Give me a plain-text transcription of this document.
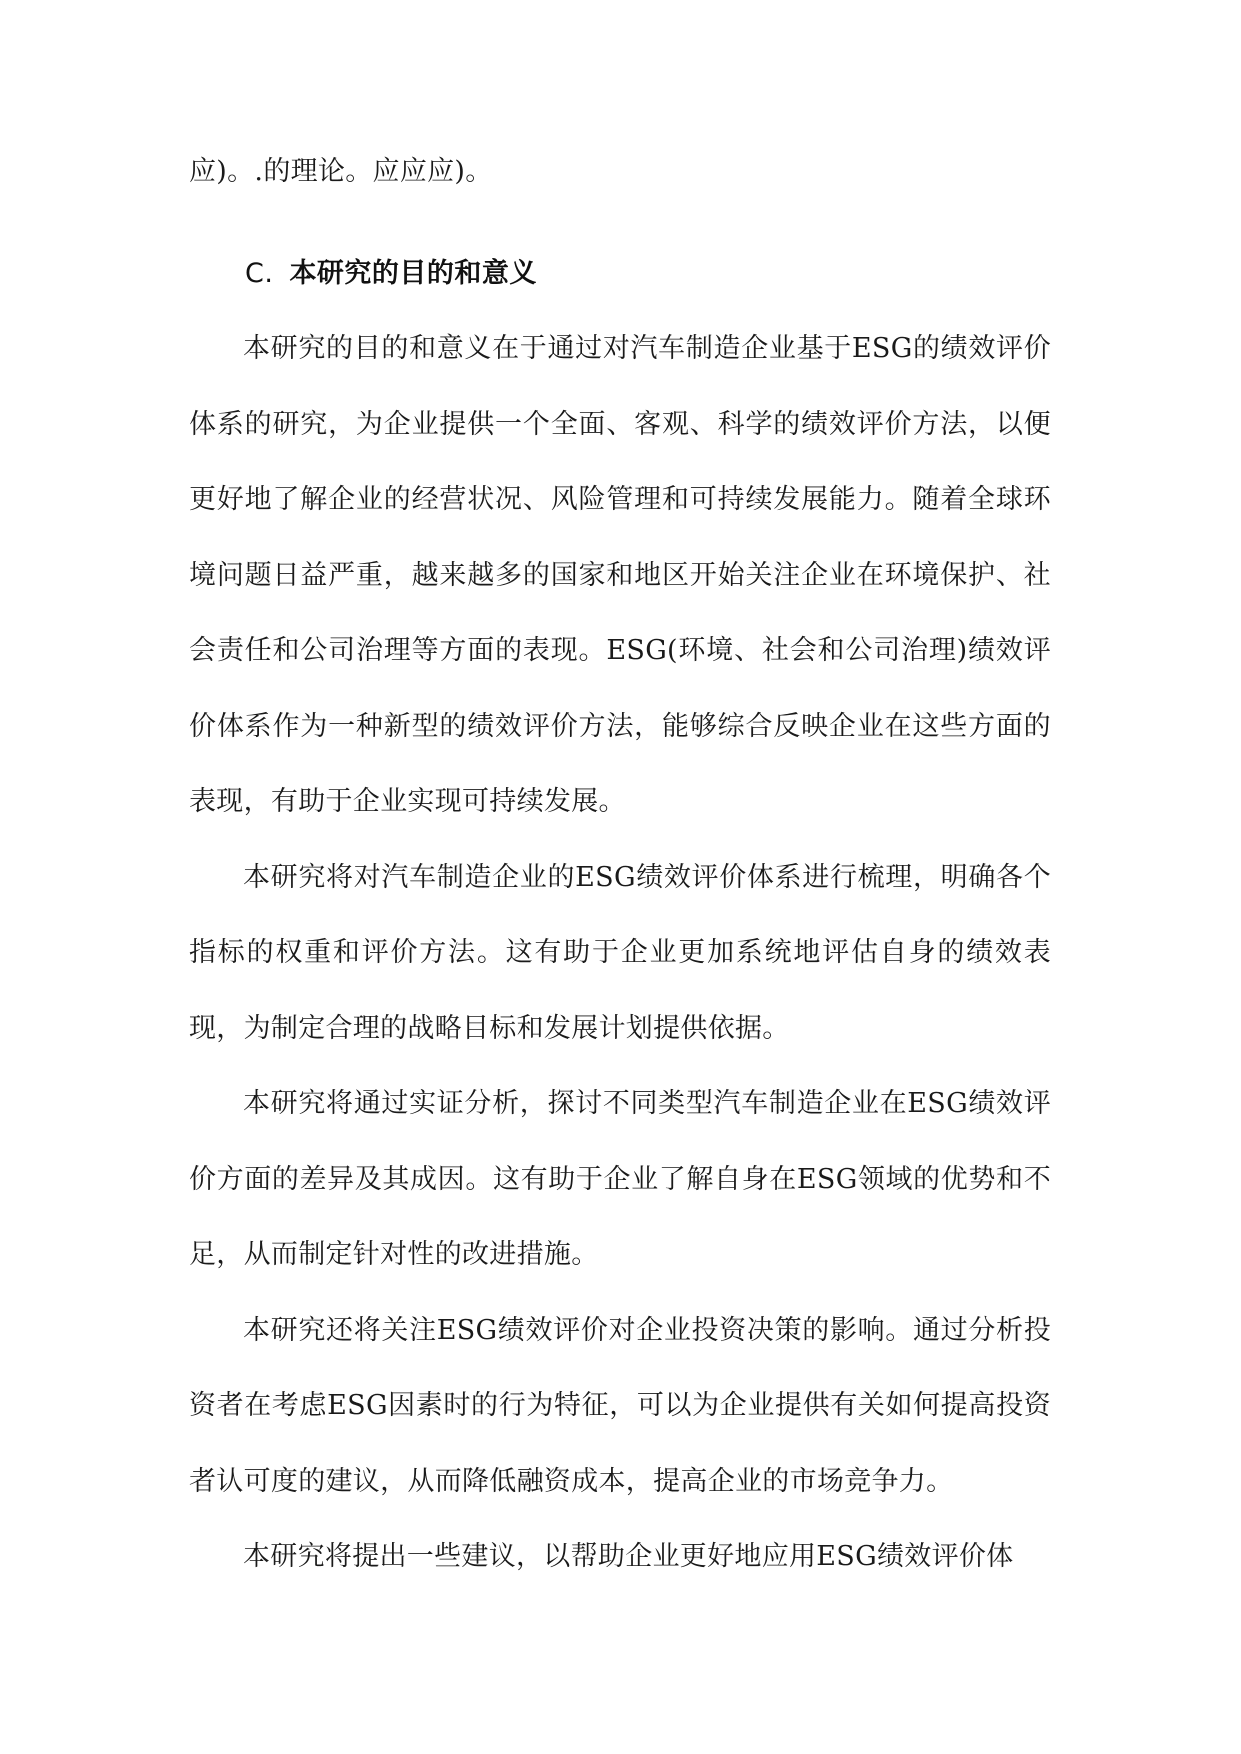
应)。.的理论。应应应)。
C. 本研究的目的和意义

本研究的目的和意义在于通过对汽车制造企业基于ESG的绩效评价体系的研究，为企业提供一个全面、客观、科学的绩效评价方法，以便更好地了解企业的经营状况、风险管理和可持续发展能力。随着全球环境问题日益严重，越来越多的国家和地区开始关注企业在环境保护、社会责任和公司治理等方面的表现。ESG(环境、社会和公司治理)绩效评价体系作为一种新型的绩效评价方法，能够综合反映企业在这些方面的表现，有助于企业实现可持续发展。

本研究将对汽车制造企业的ESG绩效评价体系进行梳理，明确各个指标的权重和评价方法。这有助于企业更加系统地评估自身的绩效表现，为制定合理的战略目标和发展计划提供依据。

本研究将通过实证分析，探讨不同类型汽车制造企业在ESG绩效评价方面的差异及其成因。这有助于企业了解自身在ESG领域的优势和不足，从而制定针对性的改进措施。

本研究还将关注ESG绩效评价对企业投资决策的影响。通过分析投资者在考虑ESG因素时的行为特征，可以为企业提供有关如何提高投资者认可度的建议，从而降低融资成本，提高企业的市场竞争力。

本研究将提出一些建议，以帮助企业更好地应用ESG绩效评价体
